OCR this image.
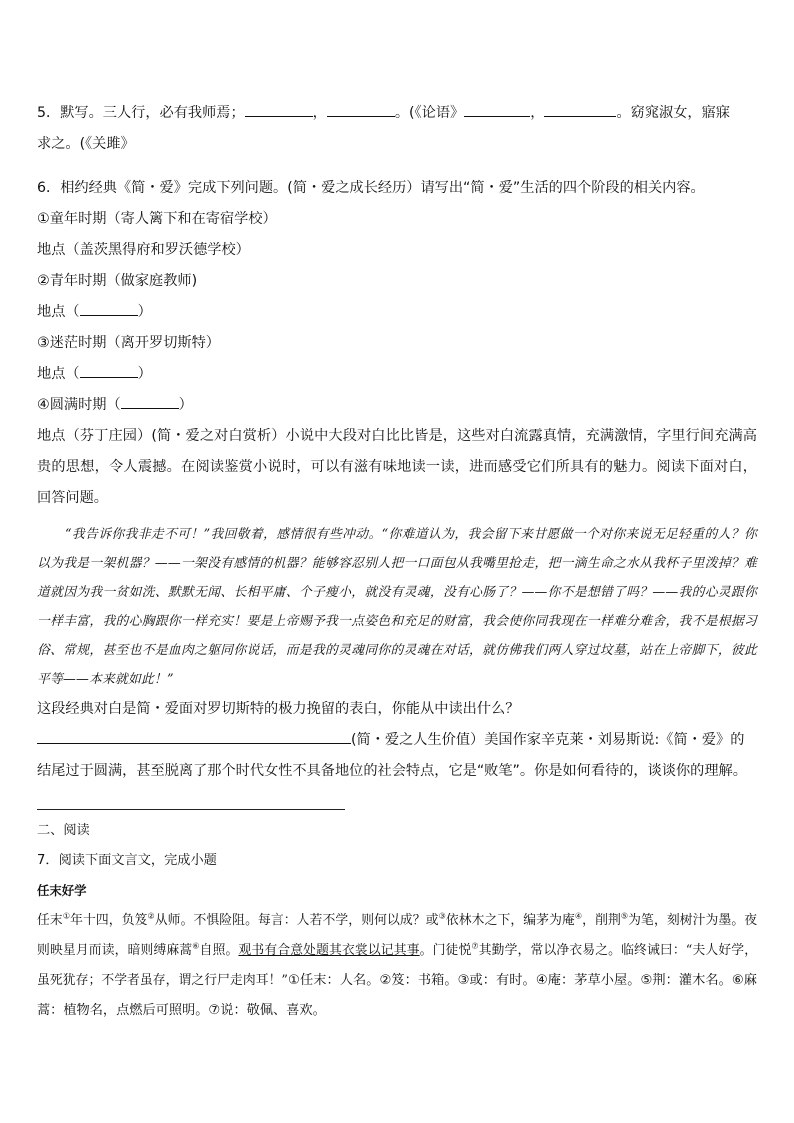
5．默写。三人行，必有我师焉；	，	。(《论语》	，	。窈窕淑女，寤寐

求之。(《关雎》

6．相约经典《简・爱》完成下列问题。(简・爱之成长经历）请写出“简・爱”生活的四个阶段的相关内容。

①童年时期（寄人篱下和在寄宿学校）

地点（盖茨黑得府和罗沃德学校）

②青年时期（做家庭教师)

地点（	）

③迷茫时期（离开罗切斯特）

地点（	）

④圆满时期（	）

地点（芬丁庄园）(简・爱之对白赏析）小说中大段对白比比皆是，这些对白流露真情，充满激情，字里行间充满高贵的思想，令人震撼。在阅读鉴赏小说时，可以有滋有味地读一读，进而感受它们所具有的魅力。阅读下面对白，回答问题。

“我告诉你我非走不可！”我回敬着，感情很有些冲动。“你难道认为，我会留下来甘愿做一个对你来说无足轻重的人？你以为我是一架机器？——一架没有感情的机器？能够容忍别人把一口面包从我嘴里抢走，把一滴生命之水从我杯子里泼掉？难道就因为我一贫如洗、默默无闻、长相平庸、个子瘦小，就没有灵魂，没有心肠了？——你不是想错了吗？——我的心灵跟你一样丰富，我的心胸跟你一样充实！要是上帝赐予我一点姿色和充足的财富，我会使你同我现在一样难分难舍，我不是根据习俗、常规，甚至也不是血肉之躯同你说话，而是我的灵魂同你的灵魂在对话，就仿佛我们两人穿过坟墓，站在上帝脚下，彼此平等——本来就如此！”

这段经典对白是简・爱面对罗切斯特的极力挽留的表白，你能从中读出什么？

(简・爱之人生价值）美国作家辛克莱・刘易斯说:《简・爱》的

结尾过于圆满，甚至脱离了那个时代女性不具备地位的社会特点，它是“败笔”。你是如何看待的，谈谈你的理解。

二、阅读

7．阅读下面文言文，完成小题

任末好学

任末①年十四，负笈②从师。不惧险阻。每言：人若不学，则何以成？或③依林木之下，编茅为庵④，削荆⑤为笔，刻树汁为墨。夜则映星月而读，暗则缚麻蒿⑥自照。观书有合意处题其衣裳以记其事。门徒悦⑦其勤学，常以净衣易之。临终诫曰：“夫人好学，虽死犹存；不学者虽存，谓之行尸走肉耳！”①任末：人名。②笈：书箱。③或：有时。④庵：茅草小屋。⑤荆：灌木名。⑥麻蒿：植物名，点燃后可照明。⑦说：敬佩、喜欢。
